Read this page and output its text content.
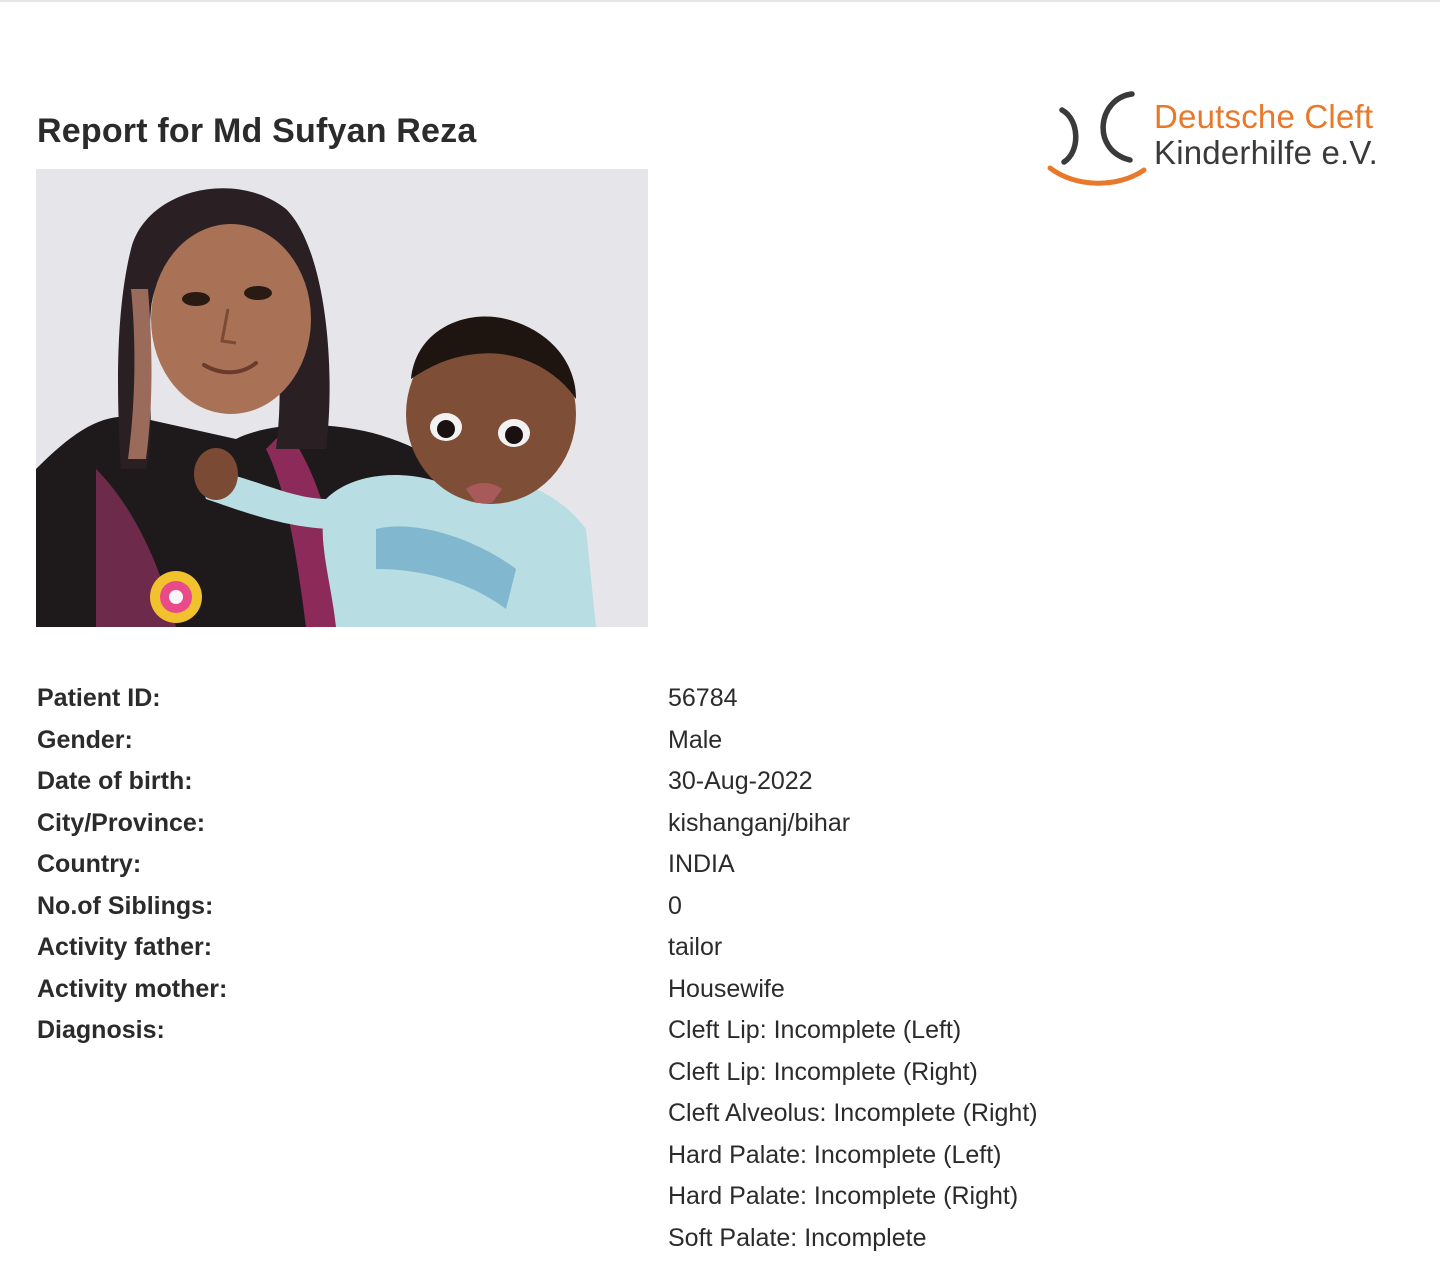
Report for Md Sufyan Reza	Deutsche Cleft
Kinderhilfe e.V.
Patient ID:	56784
Gender:	Male
Date of birth:	30-Aug-2022
City/Province:	kishanganj/bihar
Country:	INDIA
No.of Siblings:	0
Activity father:	tailor
Activity mother:	Housewife
Diagnosis:	Cleft Lip: Incomplete (Left)
Cleft Lip: Incomplete (Right)
Cleft Alveolus: Incomplete (Right)
Hard Palate: Incomplete (Left)
Hard Palate: Incomplete (Right)
Soft Palate: Incomplete
